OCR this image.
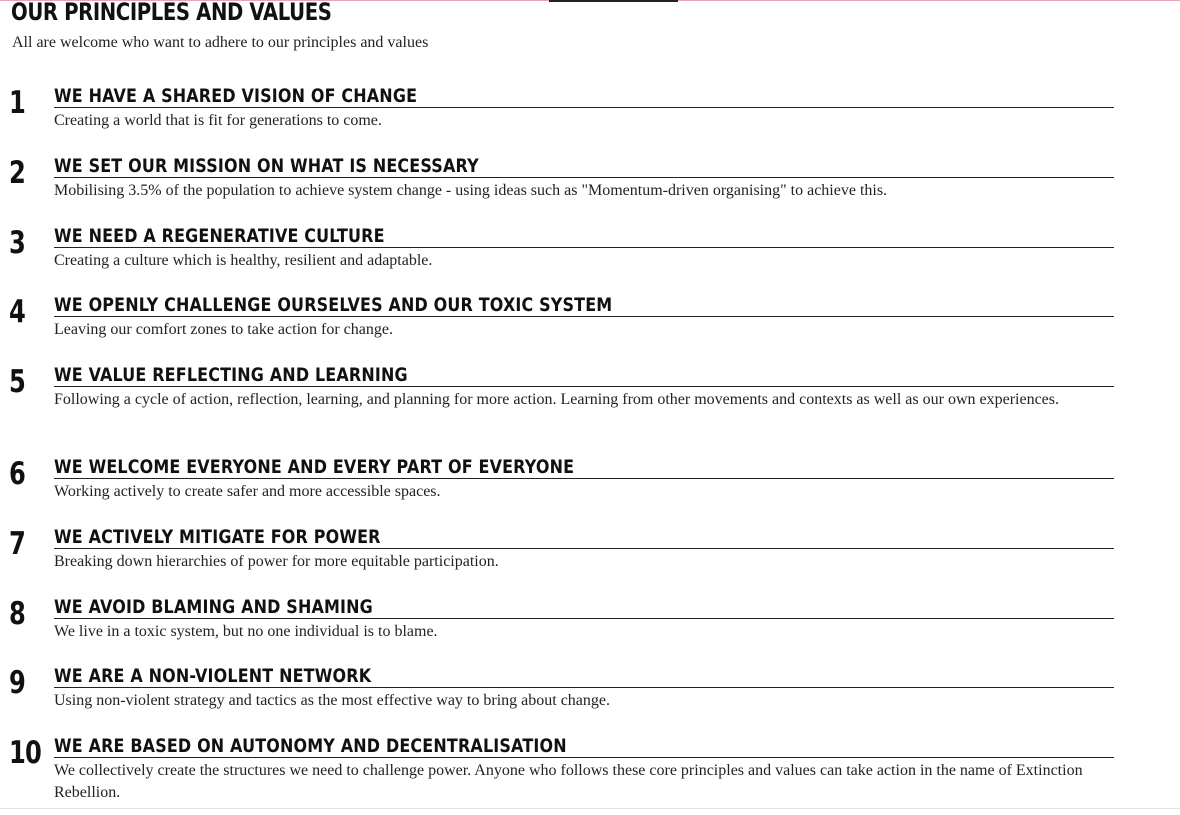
OUR PRINCIPLES AND VALUES

All are welcome who want to adhere to our principles and values

1 WE HAVE A SHARED VISION OF CHANGE

Creating a world that is fit for generations to come.

2 WE SET OUR MISSION ON WHAT IS NECESSARY

Mobilising 3.5% of the population to achieve system change - using ideas such as "Momentum-driven organising" to achieve this.

3 WE NEED A REGENERATIVE CULTURE

Creating a culture which is healthy, resilient and adaptable.

4 WE OPENLY CHALLENGE OURSELVES AND OUR TOXIC SYSTEM

Leaving our comfort zones to take action for change.

5 WE VALUE REFLECTING AND LEARNING

Following a cycle of action, reflection, learning, and planning for more action. Learning from other movements and contexts as well as our own experiences.

6 WE WELCOME EVERYONE AND EVERY PART OF EVERYONE

Working actively to create safer and more accessible spaces.

7 WE ACTIVELY MITIGATE FOR POWER

Breaking down hierarchies of power for more equitable participation.

8 WE AVOID BLAMING AND SHAMING

We live in a toxic system, but no one individual is to blame.

9 WE ARE A NON-VIOLENT NETWORK

Using non-violent strategy and tactics as the most effective way to bring about change.

10 WE ARE BASED ON AUTONOMY AND DECENTRALISATION

We collectively create the structures we need to challenge power. Anyone who follows these core principles and values can take action in the name of Extinction Rebellion.
